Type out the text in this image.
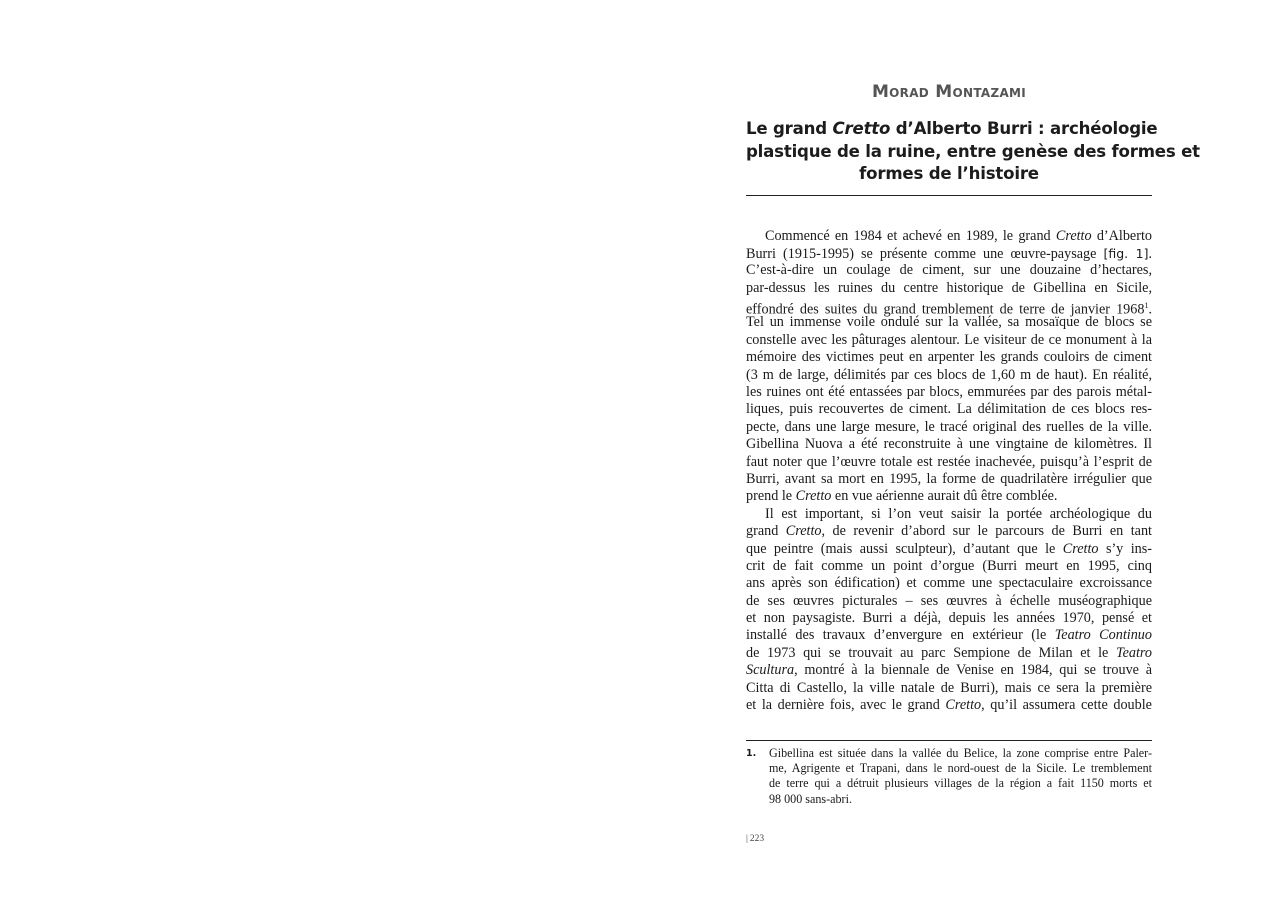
Morad Montazami
Le grand Cretto d’Alberto Burri : archéologie
plastique de la ruine, entre genèse des formes et
formes de l’histoire
Commencé en 1984 et achevé en 1989, le grand Cretto d’Alberto
Burri (1915-1995) se présente comme une œuvre-paysage [fig. 1].
C’est-à-dire un coulage de ciment, sur une douzaine d’hectares,
par-dessus les ruines du centre historique de Gibellina en Sicile,
effondré des suites du grand tremblement de terre de janvier 1968$^1$.
Tel un immense voile ondulé sur la vallée, sa mosaïque de blocs se
constelle avec les pâturages alentour. Le visiteur de ce monument à la
mémoire des victimes peut en arpenter les grands couloirs de ciment
(3 m de large, délimités par ces blocs de 1,60 m de haut). En réalité,
les ruines ont été entassées par blocs, emmurées par des parois métal-
liques, puis recouvertes de ciment. La délimitation de ces blocs res-
pecte, dans une large mesure, le tracé original des ruelles de la ville.
Gibellina Nuova a été reconstruite à une vingtaine de kilomètres. Il
faut noter que l’œuvre totale est restée inachevée, puisqu’à l’esprit de
Burri, avant sa mort en 1995, la forme de quadrilatère irrégulier que
prend le Cretto en vue aérienne aurait dû être comblée.
Il est important, si l’on veut saisir la portée archéologique du
grand Cretto, de revenir d’abord sur le parcours de Burri en tant
que peintre (mais aussi sculpteur), d’autant que le Cretto s’y ins-
crit de fait comme un point d’orgue (Burri meurt en 1995, cinq
ans après son édification) et comme une spectaculaire excroissance
de ses œuvres picturales – ses œuvres à échelle muséographique
et non paysagiste. Burri a déjà, depuis les années 1970, pensé et
installé des travaux d’envergure en extérieur (le Teatro Continuo
de 1973 qui se trouvait au parc Sempione de Milan et le Teatro
Scultura, montré à la biennale de Venise en 1984, qui se trouve à
Citta di Castello, la ville natale de Burri), mais ce sera la première
et la dernière fois, avec le grand Cretto, qu’il assumera cette double
1. Gibellina est située dans la vallée du Belice, la zone comprise entre Paler-
me, Agrigente et Trapani, dans le nord-ouest de la Sicile. Le tremblement
de terre qui a détruit plusieurs villages de la région a fait 1150 morts et
98 000 sans-abri.
| 223
